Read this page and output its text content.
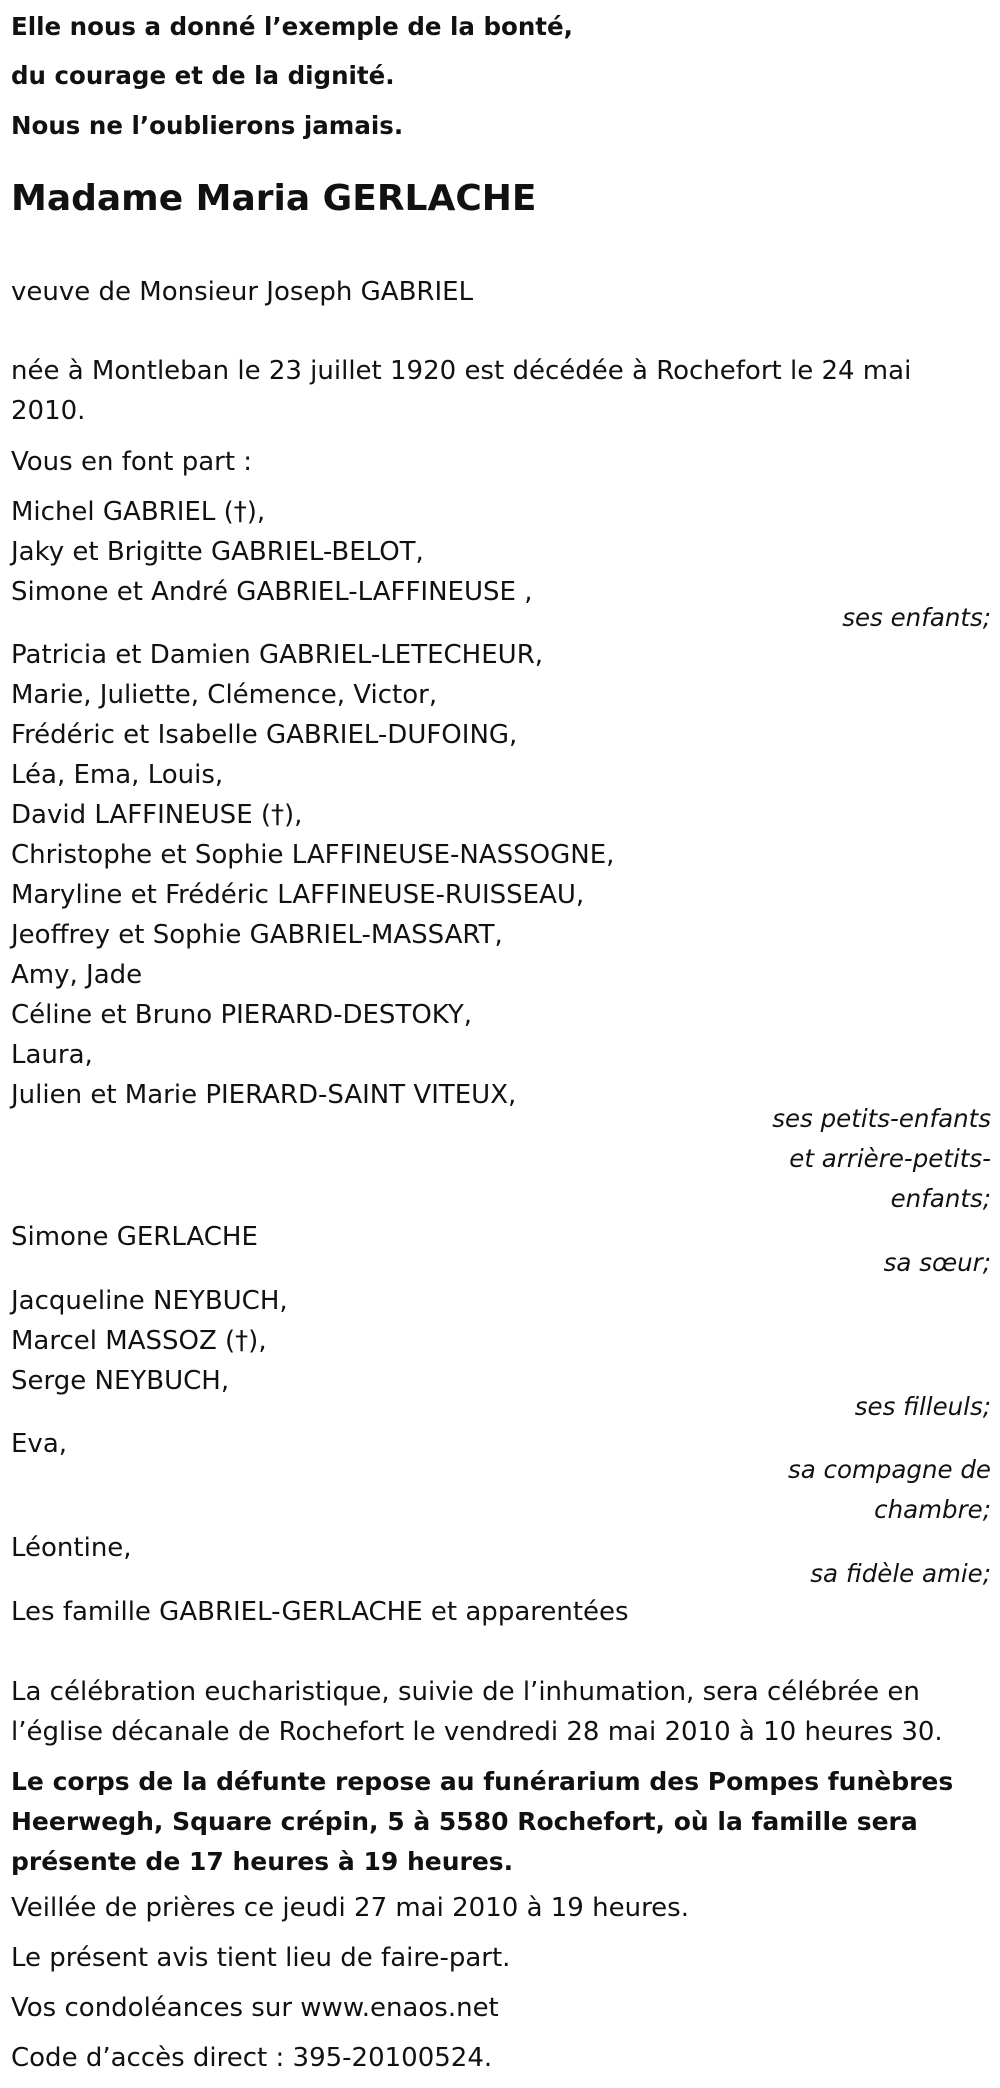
Elle nous a donné l’exemple de la bonté,
du courage et de la dignité.
Nous ne l’oublierons jamais.
Madame Maria GERLACHE
veuve de Monsieur Joseph GABRIEL
née à Montleban le 23 juillet 1920 est décédée à Rochefort le 24 mai
2010.
Vous en font part :
Michel GABRIEL (†),
Jaky et Brigitte GABRIEL-BELOT,
Simone et André GABRIEL-LAFFINEUSE ,
ses enfants;
Patricia et Damien GABRIEL-LETECHEUR,
Marie, Juliette, Clémence, Victor,
Frédéric et Isabelle GABRIEL-DUFOING,
Léa, Ema, Louis,
David LAFFINEUSE (†),
Christophe et Sophie LAFFINEUSE-NASSOGNE,
Maryline et Frédéric LAFFINEUSE-RUISSEAU,
Jeoffrey et Sophie GABRIEL-MASSART,
Amy, Jade
Céline et Bruno PIERARD-DESTOKY,
Laura,
Julien et Marie PIERARD-SAINT VITEUX,
ses petits-enfants
et arrière-petits-
enfants;
Simone GERLACHE
sa sœur;
Jacqueline NEYBUCH,
Marcel MASSOZ (†),
Serge NEYBUCH,
ses filleuls;
Eva,
sa compagne de
chambre;
Léontine,
sa fidèle amie;
Les famille GABRIEL-GERLACHE et apparentées
La célébration eucharistique, suivie de l’inhumation, sera célébrée en
l’église décanale de Rochefort le vendredi 28 mai 2010 à 10 heures 30.
Le corps de la défunte repose au funérarium des Pompes funèbres
Heerwegh, Square crépin, 5 à 5580 Rochefort, où la famille sera
présente de 17 heures à 19 heures.
Veillée de prières ce jeudi 27 mai 2010 à 19 heures.
Le présent avis tient lieu de faire-part.
Vos condoléances sur www.enaos.net
Code d’accès direct : 395-20100524.
